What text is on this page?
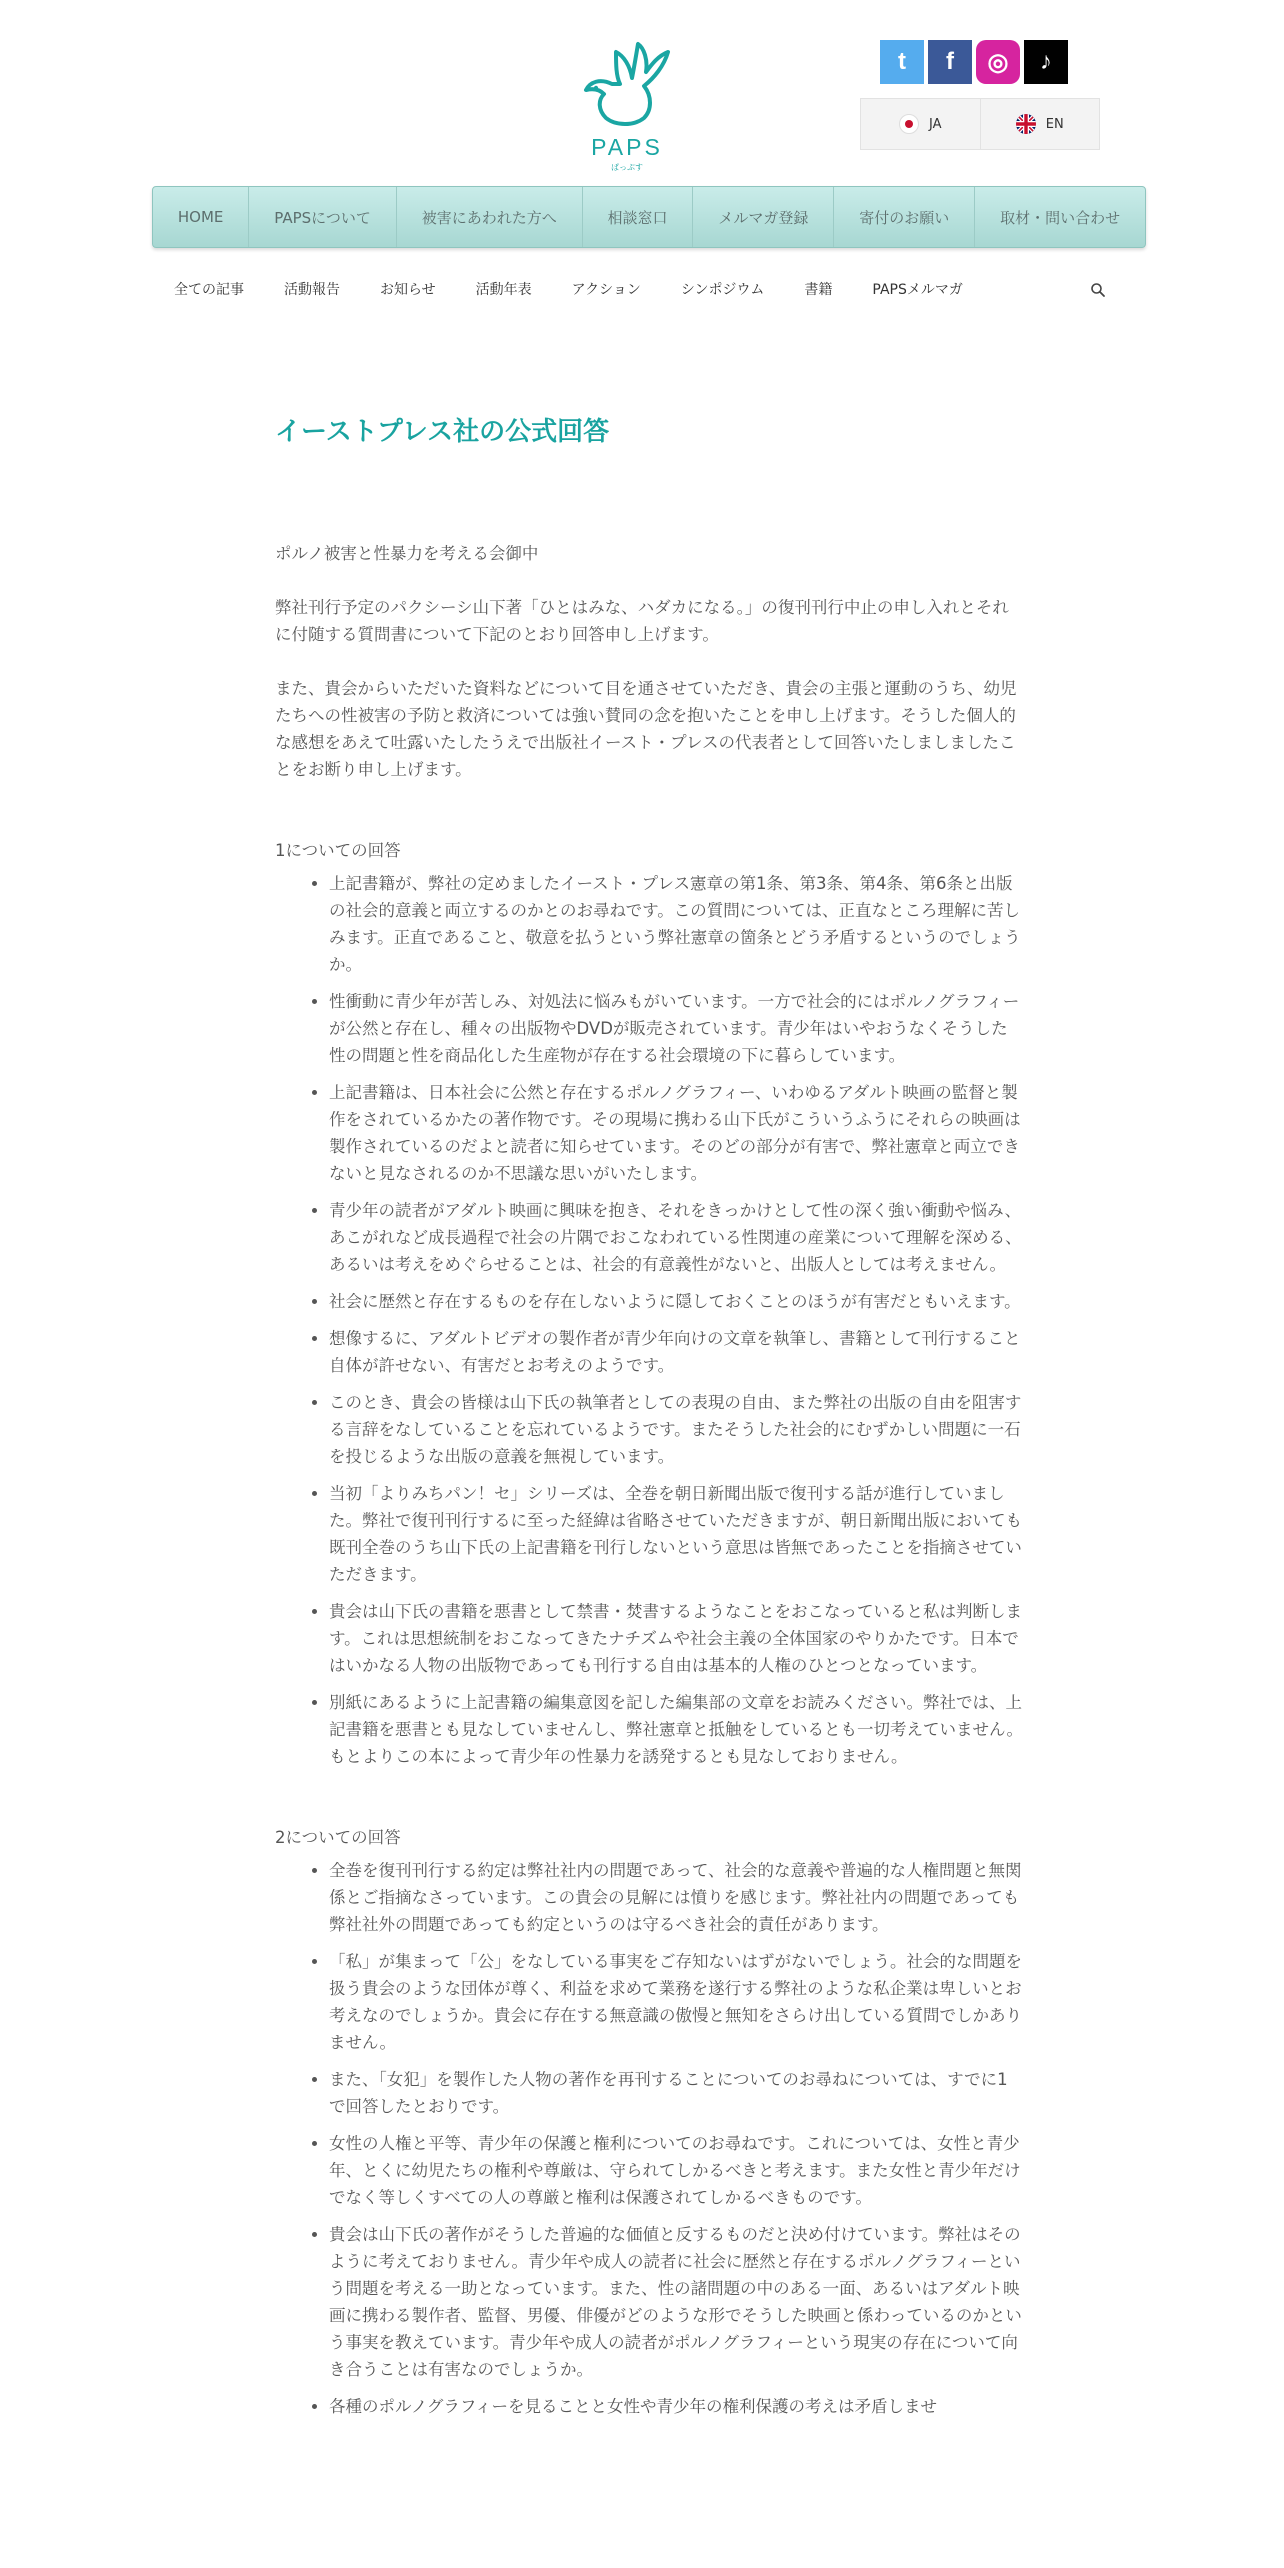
PAPS
ぱっぷす
t	f	◎	♪
JA	EN
HOME	PAPSについて	被害にあわれた方へ	相談窓口	メルマガ登録	寄付のお願い	取材・問い合わせ
全ての記事	活動報告	お知らせ	活動年表	アクション	シンポジウム	書籍	PAPSメルマガ
イーストプレス社の公式回答

ポルノ被害と性暴力を考える会御中

弊社刊行予定のパクシーシ山下著「ひとはみな、ハダカになる。」の復刊刊行中止の申し入れとそれに付随する質問書について下記のとおり回答申し上げます。

また、貴会からいただいた資料などについて目を通させていただき、貴会の主張と運動のうち、幼児たちへの性被害の予防と救済については強い賛同の念を抱いたことを申し上げます。そうした個人的な感想をあえて吐露いたしたうえで出版社イースト・プレスの代表者として回答いたしましましたことをお断り申し上げます。

1についての回答
• 上記書籍が、弊社の定めましたイースト・プレス憲章の第1条、第3条、第4条、第6条と出版の社会的意義と両立するのかとのお尋ねです。この質問については、正直なところ理解に苦しみます。正直であること、敬意を払うという弊社憲章の箇条とどう矛盾するというのでしょうか。
• 性衝動に青少年が苦しみ、対処法に悩みもがいています。一方で社会的にはポルノグラフィーが公然と存在し、種々の出版物やDVDが販売されています。青少年はいやおうなくそうした性の問題と性を商品化した生産物が存在する社会環境の下に暮らしています。
• 上記書籍は、日本社会に公然と存在するポルノグラフィー、いわゆるアダルト映画の監督と製作をされているかたの著作物です。その現場に携わる山下氏がこういうふうにそれらの映画は製作されているのだよと読者に知らせています。そのどの部分が有害で、弊社憲章と両立できないと見なされるのか不思議な思いがいたします。
• 青少年の読者がアダルト映画に興味を抱き、それをきっかけとして性の深く強い衝動や悩み、あこがれなど成長過程で社会の片隅でおこなわれている性関連の産業について理解を深める、あるいは考えをめぐらせることは、社会的有意義性がないと、出版人としては考えません。
• 社会に歴然と存在するものを存在しないように隠しておくことのほうが有害だともいえます。
• 想像するに、アダルトビデオの製作者が青少年向けの文章を執筆し、書籍として刊行すること自体が許せない、有害だとお考えのようです。
• このとき、貴会の皆様は山下氏の執筆者としての表現の自由、また弊社の出版の自由を阻害する言辞をなしていることを忘れているようです。またそうした社会的にむずかしい問題に一石を投じるような出版の意義を無視しています。
• 当初「よりみちパン！セ」シリーズは、全巻を朝日新聞出版で復刊する話が進行していました。弊社で復刊刊行するに至った経緯は省略させていただきますが、朝日新聞出版においても既刊全巻のうち山下氏の上記書籍を刊行しないという意思は皆無であったことを指摘させていただきます。
• 貴会は山下氏の書籍を悪書として禁書・焚書するようなことをおこなっていると私は判断します。これは思想統制をおこなってきたナチズムや社会主義の全体国家のやりかたです。日本ではいかなる人物の出版物であっても刊行する自由は基本的人権のひとつとなっています。
• 別紙にあるように上記書籍の編集意図を記した編集部の文章をお読みください。弊社では、上記書籍を悪書とも見なしていませんし、弊社憲章と抵触をしているとも一切考えていません。もとよりこの本によって青少年の性暴力を誘発するとも見なしておりません。
2についての回答
• 全巻を復刊刊行する約定は弊社社内の問題であって、社会的な意義や普遍的な人権問題と無関係とご指摘なさっています。この貴会の見解には憤りを感じます。弊社社内の問題であっても弊社社外の問題であっても約定というのは守るべき社会的責任があります。
• 「私」が集まって「公」をなしている事実をご存知ないはずがないでしょう。社会的な問題を扱う貴会のような団体が尊く、利益を求めて業務を遂行する弊社のような私企業は卑しいとお考えなのでしょうか。貴会に存在する無意識の傲慢と無知をさらけ出している質問でしかありません。
• また、「女犯」を製作した人物の著作を再刊することについてのお尋ねについては、すでに1で回答したとおりです。
• 女性の人権と平等、青少年の保護と権利についてのお尋ねです。これについては、女性と青少年、とくに幼児たちの権利や尊厳は、守られてしかるべきと考えます。また女性と青少年だけでなく等しくすべての人の尊厳と権利は保護されてしかるべきものです。
• 貴会は山下氏の著作がそうした普遍的な価値と反するものだと決め付けています。弊社はそのように考えておりません。青少年や成人の読者に社会に歴然と存在するポルノグラフィーという問題を考える一助となっています。また、性の諸問題の中のある一面、あるいはアダルト映画に携わる製作者、監督、男優、俳優がどのような形でそうした映画と係わっているのかという事実を教えています。青少年や成人の読者がポルノグラフィーという現実の存在について向き合うことは有害なのでしょうか。
• 各種のポルノグラフィーを見ることと女性や青少年の権利保護の考えは矛盾しませ
